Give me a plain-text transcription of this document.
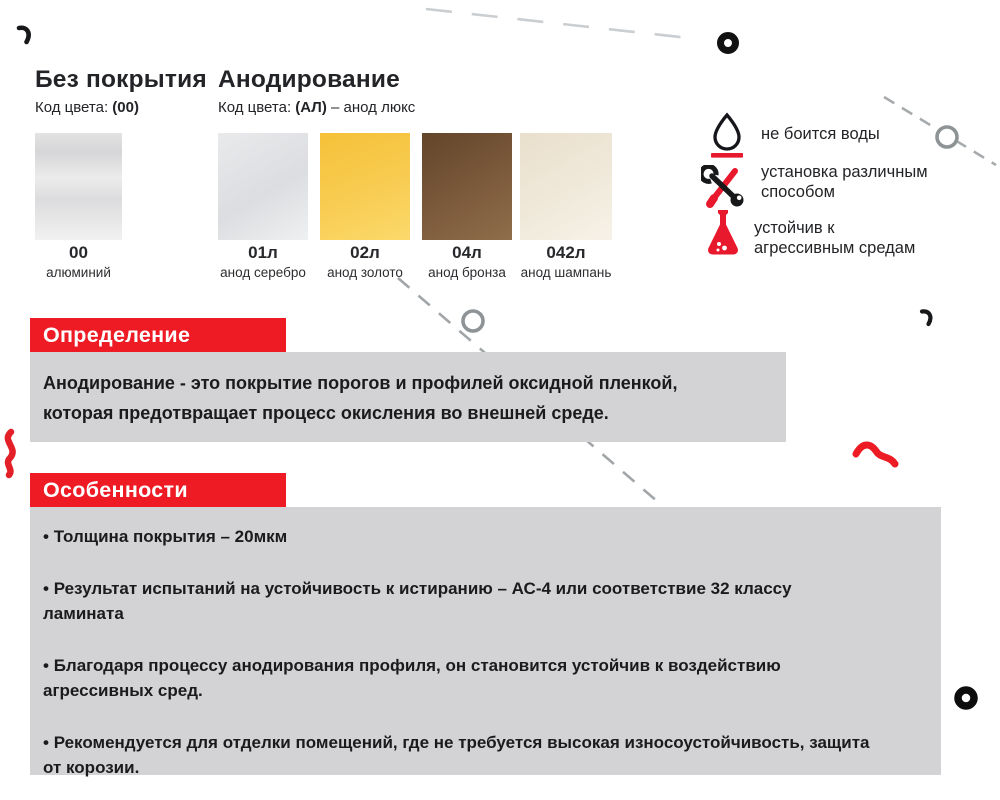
Без покрытия
Код цвета: (00)
Анодирование
Код цвета: (АЛ) – анод люкс
00
алюминий
01л
анод серебро
02л
анод золото
04л
анод бронза
042л
анод шампань
не боится воды
установка различным способом
устойчив к агрессивным средам
Определение

Анодирование - это покрытие порогов и профилей оксидной пленкой, которая предотвращает процесс окисления во внешней среде.

Особенности
• Толщина покрытия – 20мкм
• Результат испытаний на устойчивость к истиранию – АС-4 или соответствие 32 классу ламината
• Благодаря процессу анодирования профиля, он становится устойчив к воздействию агрессивных сред.
• Рекомендуется для отделки помещений, где не требуется высокая износоустойчивость, защита от корозии.
